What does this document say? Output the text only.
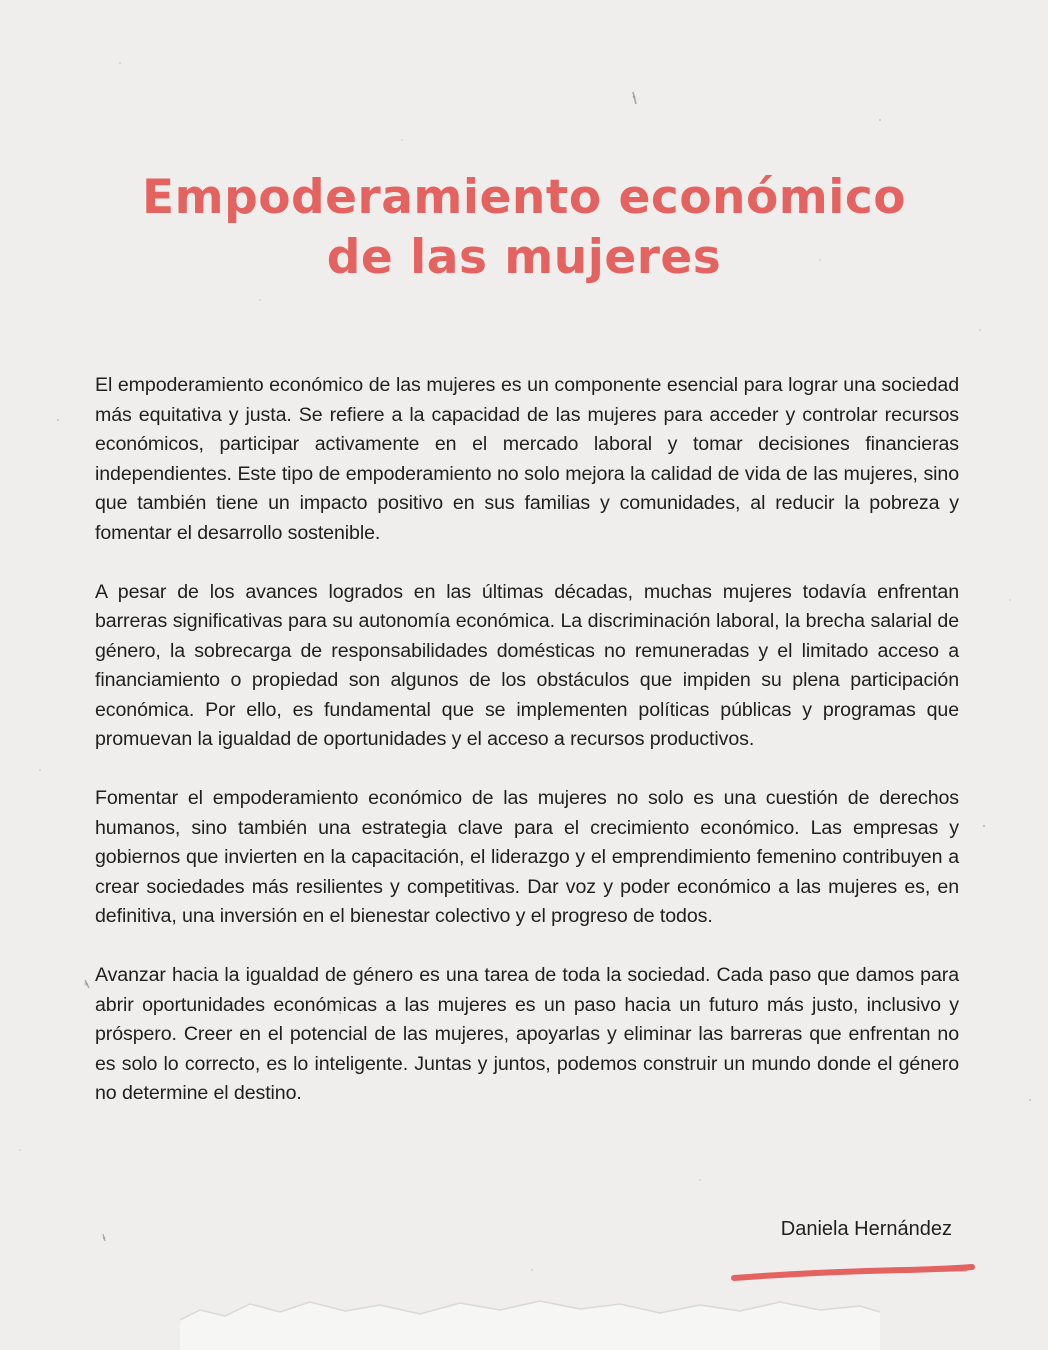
Empoderamiento económico
de las mujeres

El empoderamiento económico de las mujeres es un componente esencial para lograr una sociedad más equitativa y justa. Se refiere a la capacidad de las mujeres para acceder y controlar recursos económicos, participar activamente en el mercado laboral y tomar decisiones financieras independientes. Este tipo de empoderamiento no solo mejora la calidad de vida de las mujeres, sino que también tiene un impacto positivo en sus familias y comunidades, al reducir la pobreza y fomentar el desarrollo sostenible.

A pesar de los avances logrados en las últimas décadas, muchas mujeres todavía enfrentan barreras significativas para su autonomía económica. La discriminación laboral, la brecha salarial de género, la sobrecarga de responsabilidades domésticas no remuneradas y el limitado acceso a financiamiento o propiedad son algunos de los obstáculos que impiden su plena participación económica. Por ello, es fundamental que se implementen políticas públicas y programas que promuevan la igualdad de oportunidades y el acceso a recursos productivos.

Fomentar el empoderamiento económico de las mujeres no solo es una cuestión de derechos humanos, sino también una estrategia clave para el crecimiento económico. Las empresas y gobiernos que invierten en la capacitación, el liderazgo y el emprendimiento femenino contribuyen a crear sociedades más resilientes y competitivas. Dar voz y poder económico a las mujeres es, en definitiva, una inversión en el bienestar colectivo y el progreso de todos.

Avanzar hacia la igualdad de género es una tarea de toda la sociedad. Cada paso que damos para abrir oportunidades económicas a las mujeres es un paso hacia un futuro más justo, inclusivo y próspero. Creer en el potencial de las mujeres, apoyarlas y eliminar las barreras que enfrentan no es solo lo correcto, es lo inteligente. Juntas y juntos, podemos construir un mundo donde el género no determine el destino.

Daniela Hernández
